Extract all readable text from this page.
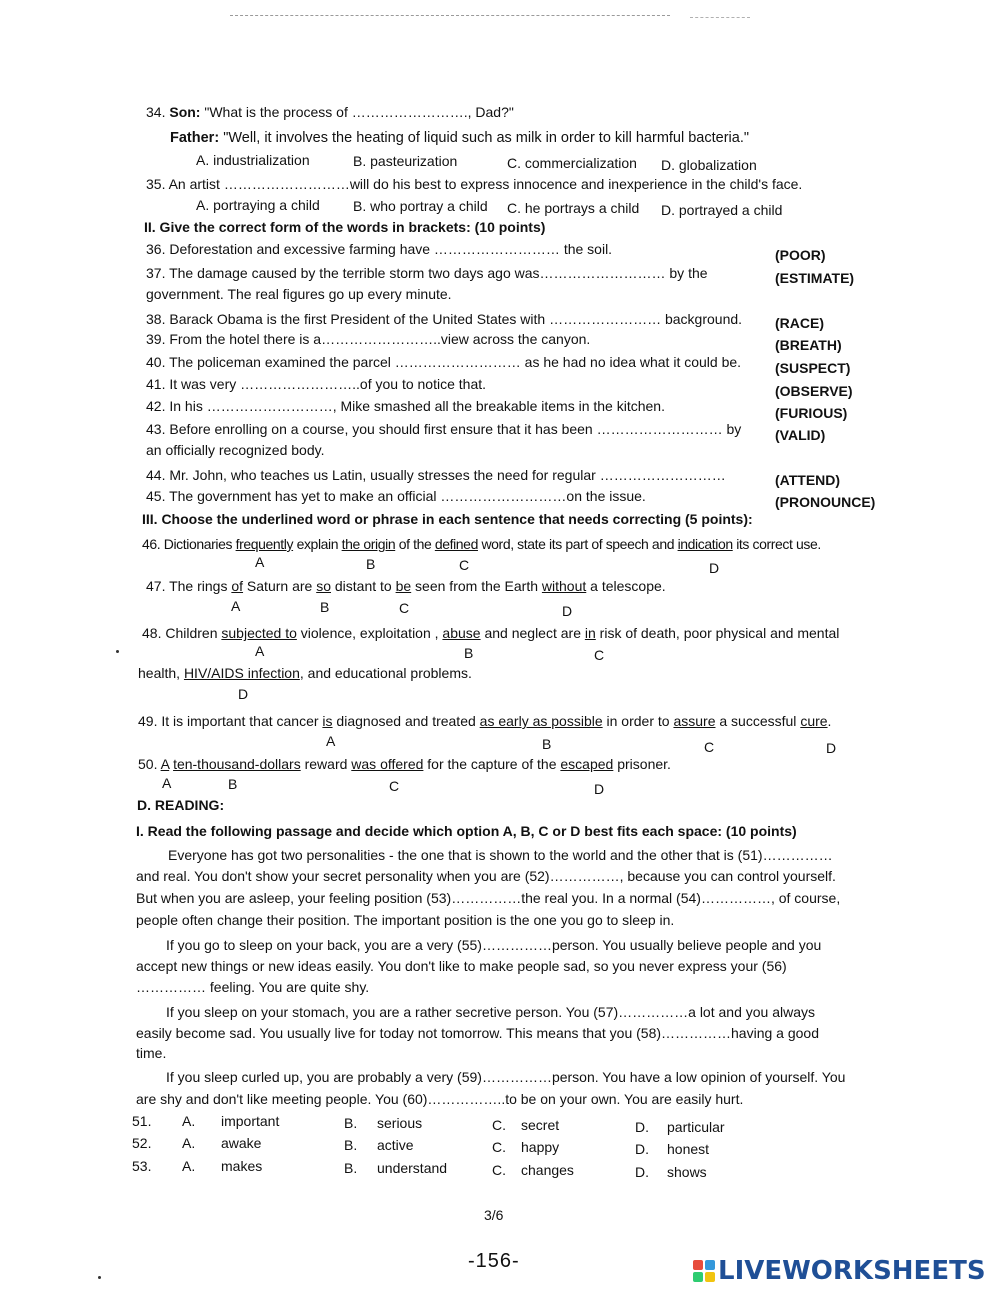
34. Son: "What is the process of ……………………., Dad?"
Father: "Well, it involves the heating of liquid such as milk in order to kill harmful bacteria."
A. industrialization	B. pasteurization	C. commercialization D. globalization
35. An artist ………………………will do his best to express innocence and inexperience in the child's face.
A. portraying a child B. who portray a child C. he portrays a child D. portrayed a child
II. Give the correct form of the words in brackets: (10 points)
36. Deforestation and excessive farming have ……………………… the soil.	(POOR)
37. The damage caused by the terrible storm two days ago was……………………… by the
government. The real figures go up every minute.
(ESTIMATE)
38. Barack Obama is the first President of the United States with …………………… background. (RACE)
39. From the hotel there is a……………………..view across the canyon.	(BREATH)
40. The policeman examined the parcel ……………………… as he had no idea what it could be. (SUSPECT)
41. It was very ……………………..of you to notice that.	(OBSERVE)
42. In his ………………………, Mike smashed all the breakable items in the kitchen.	(FURIOUS)
43. Before enrolling on a course, you should first ensure that it has been ……………………… by
an officially recognized body.
(VALID)
44. Mr. John, who teaches us Latin, usually stresses the need for regular ………………………	(ATTEND)
45. The government has yet to make an official ………………………on the issue.	(PRONOUNCE)
III. Choose the underlined word or phrase in each sentence that needs correcting (5 points):
46. Dictionaries frequently explain the origin of the defined word, state its part of speech and indication its correct use.
A	B	C	D
47. The rings of Saturn are so distant to be seen from the Earth without a telescope.
A	B	C	D
48. Children subjected to violence, exploitation , abuse and neglect are in risk of death, poor physical and mental
A	B	C
health, HIV/AIDS infection, and educational problems.
D
49. It is important that cancer is diagnosed and treated as early as possible in order to assure a successful cure.
A	B	C	D
50. A ten-thousand-dollars reward was offered for the capture of the escaped prisoner.
A	B	C	D
D. READING:
I. Read the following passage and decide which option A, B, C or D best fits each space: (10 points)
Everyone has got two personalities - the one that is shown to the world and the other that is (51)……………
and real. You don't show your secret personality when you are (52)……………, because you can control yourself.
But when you are asleep, your feeling position (53)……………the real you. In a normal (54)……………, of course,
people often change their position. The important position is the one you go to sleep in.
If you go to sleep on your back, you are a very (55)……………person. You usually believe people and you
accept new things or new ideas easily. You don't like to make people sad, so you never express your (56)
…………… feeling. You are quite shy.
If you sleep on your stomach, you are a rather secretive person. You (57)……………a lot and you always
easily become sad. You usually live for today not tomorrow. This means that you (58)……………having a good
time.
If you sleep curled up, you are probably a very (59)……………person. You have a low opinion of yourself. You
are shy and don't like meeting people. You (60)……………..to be on your own. You are easily hurt.
51. A. important	B. serious	C. secret	D. particular
52. A. awake	B. active	C. happy	D. honest
53. A. makes	B. understand	C. changes	D. shows
3/6
-156-	LIVEWORKSHEETS
